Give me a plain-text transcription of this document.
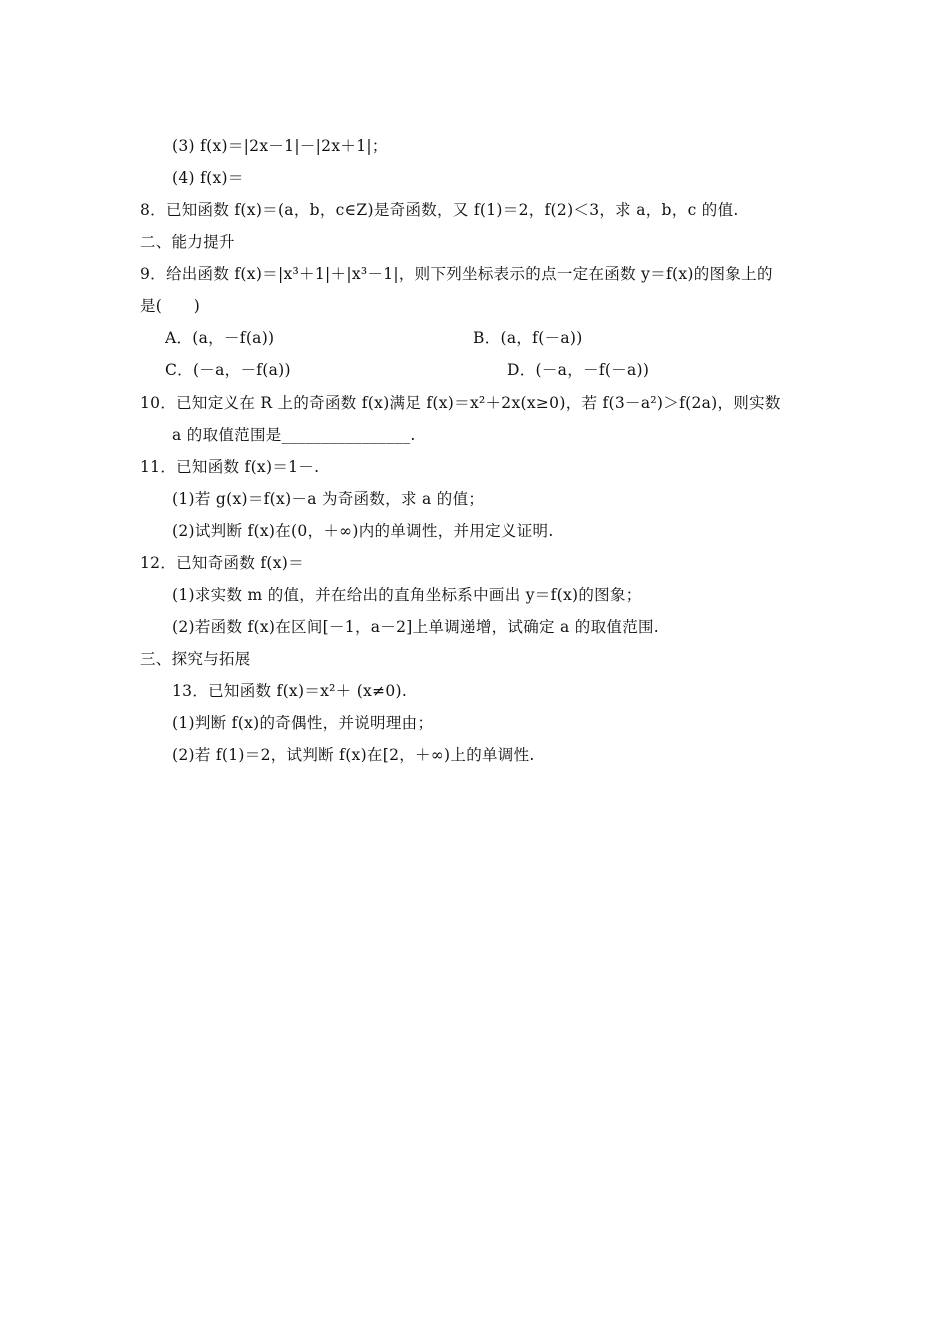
(3) f(x)＝|2x－1|－|2x＋1|；
(4) f(x)＝
8．已知函数 f(x)＝(a，b，c∈Z)是奇函数，又 f(1)＝2，f(2)＜3，求 a，b，c 的值.
二、能力提升
9．给出函数 f(x)＝|x³＋1|＋|x³－1|，则下列坐标表示的点一定在函数 y＝f(x)的图象上的
是(　　)
A．(a，－f(a))	B．(a，f(－a))
C．(－a，－f(a))	D．(－a，－f(－a))
10．已知定义在 R 上的奇函数 f(x)满足 f(x)＝x²＋2x(x≥0)，若 f(3－a²)＞f(2a)，则实数
a 的取值范围是________________.
11．已知函数 f(x)＝1－.
(1)若 g(x)＝f(x)－a 为奇函数，求 a 的值；
(2)试判断 f(x)在(0，＋∞)内的单调性，并用定义证明.
12．已知奇函数 f(x)＝
(1)求实数 m 的值，并在给出的直角坐标系中画出 y＝f(x)的图象；
(2)若函数 f(x)在区间[－1，a－2]上单调递增，试确定 a 的取值范围.
三、探究与拓展
13．已知函数 f(x)＝x²＋ (x≠0).
(1)判断 f(x)的奇偶性，并说明理由；
(2)若 f(1)＝2，试判断 f(x)在[2，＋∞)上的单调性.
